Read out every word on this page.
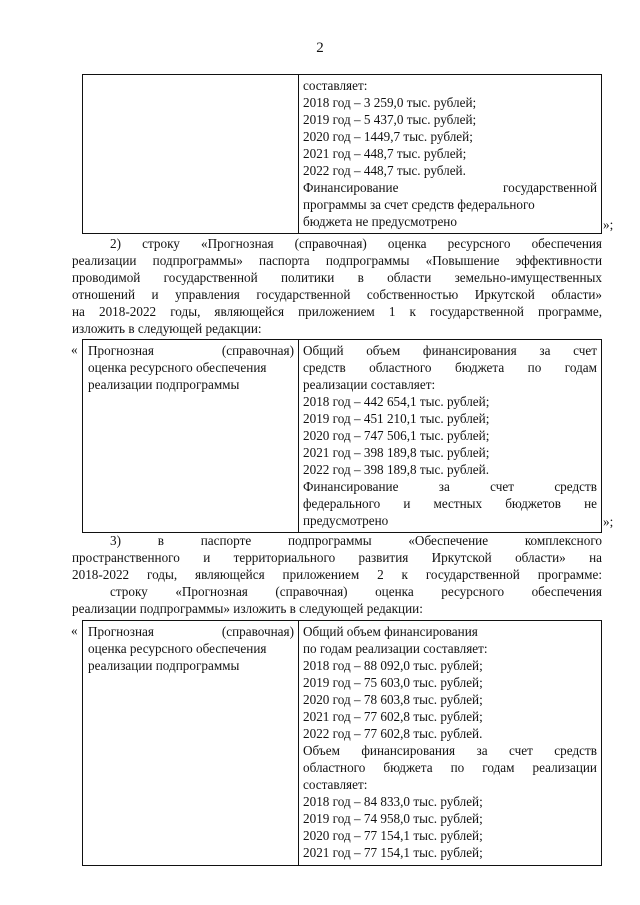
2

составляет:
2018 год – 3 259,0 тыс. рублей;
2019 год – 5 437,0 тыс. рублей;
2020 год – 1449,7 тыс. рублей;
2021 год – 448,7 тыс. рублей;
2022 год – 448,7 тыс. рублей.
Финансирование государственной
программы за счет средств федерального
бюджета не предусмотрено	»;
2) строку «Прогнозная (справочная) оценка ресурсного обеспечения
реализации подпрограммы» паспорта подпрограммы «Повышение эффективности
проводимой государственной политики в области земельно-имущественных
отношений и управления государственной собственностью Иркутской области»
на 2018-2022 годы, являющейся приложением 1 к государственной программе,
изложить в следующей редакции:
« Прогнозная (справочная)
оценка ресурсного обеспечения
реализации подпрограммы

Общий объем финансирования за счет
средств областного бюджета по годам
реализации составляет:
2018 год – 442 654,1 тыс. рублей;
2019 год – 451 210,1 тыс. рублей;
2020 год – 747 506,1 тыс. рублей;
2021 год – 398 189,8 тыс. рублей;
2022 год – 398 189,8 тыс. рублей.
Финансирование за счет средств
федерального и местных бюджетов не
предусмотрено	»;
3) в паспорте подпрограммы «Обеспечение комплексного
пространственного и территориального развития Иркутской области» на
2018-2022 годы, являющейся приложением 2 к государственной программе:
строку «Прогнозная (справочная) оценка ресурсного обеспечения
реализации подпрограммы» изложить в следующей редакции:
« Прогнозная (справочная)
оценка ресурсного обеспечения
реализации подпрограммы

Общий объем финансирования
по годам реализации составляет:
2018 год – 88 092,0 тыс. рублей;
2019 год – 75 603,0 тыс. рублей;
2020 год – 78 603,8 тыс. рублей;
2021 год – 77 602,8 тыс. рублей;
2022 год – 77 602,8 тыс. рублей.
Объем финансирования за счет средств
областного бюджета по годам реализации
составляет:
2018 год – 84 833,0 тыс. рублей;
2019 год – 74 958,0 тыс. рублей;
2020 год – 77 154,1 тыс. рублей;
2021 год – 77 154,1 тыс. рублей;
